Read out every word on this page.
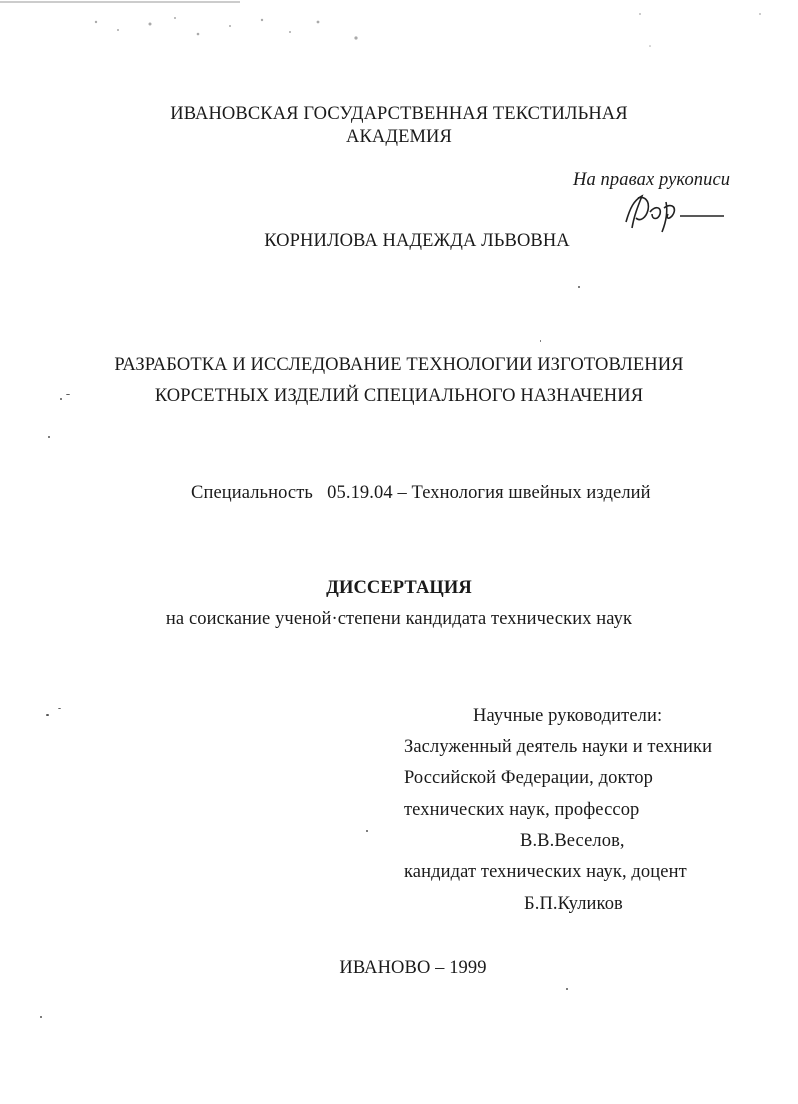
ИВАНОВСКАЯ ГОСУДАРСТВЕННАЯ ТЕКСТИЛЬНАЯ
АКАДЕМИЯ
На правах рукописи
КОРНИЛОВА НАДЕЖДА ЛЬВОВНА
РАЗРАБОТКА И ИССЛЕДОВАНИЕ ТЕХНОЛОГИИ ИЗГОТОВЛЕНИЯ
КОРСЕТНЫХ ИЗДЕЛИЙ СПЕЦИАЛЬНОГО НАЗНАЧЕНИЯ
Специальность 05.19.04 – Технология швейных изделий
ДИССЕРТАЦИЯ
на соискание ученой·степени кандидата технических наук
Научные руководители:
Заслуженный деятель науки и техники
Российской Федерации, доктор
технических наук, профессор
В.В.Веселов,
кандидат технических наук, доцент
Б.П.Куликов
ИВАНОВО – 1999
